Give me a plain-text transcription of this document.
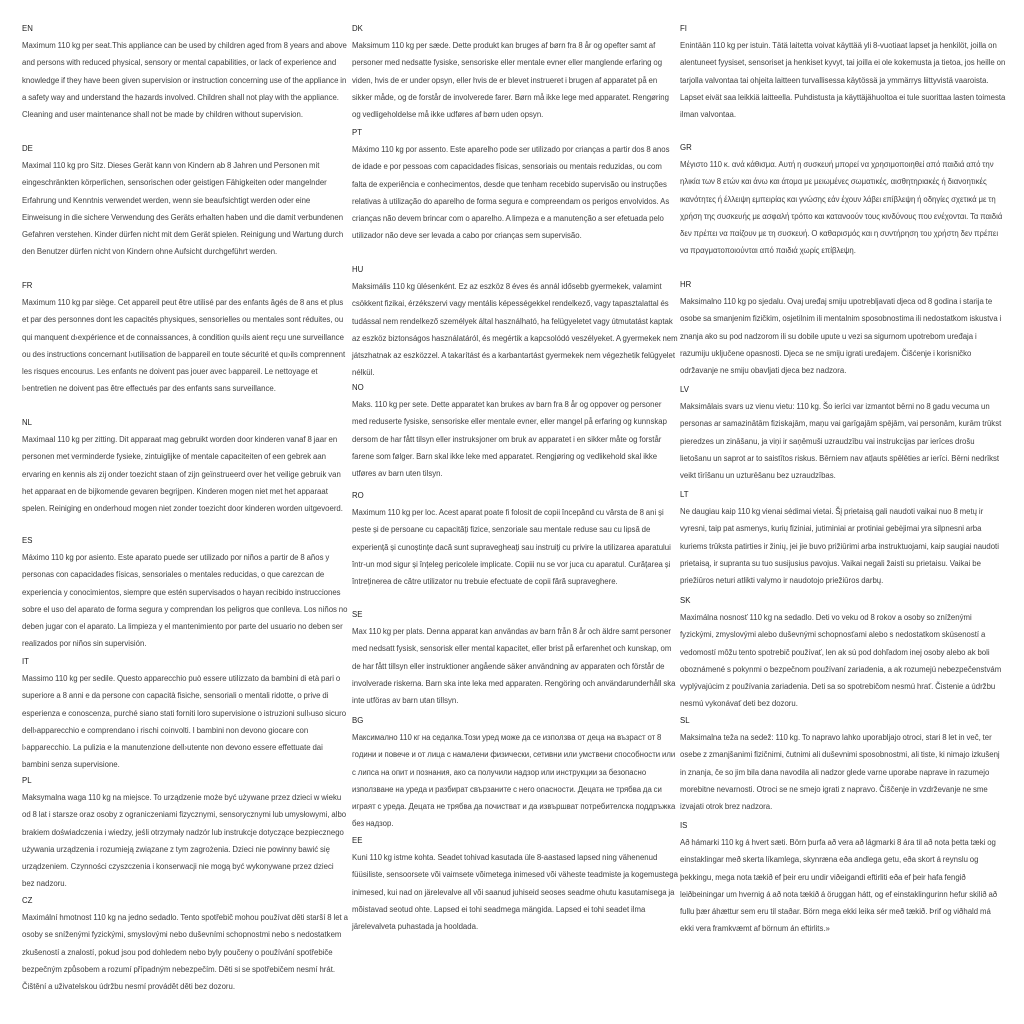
EN
Maximum 110 kg per seat.This appliance can be used by children aged from 8 years and above and persons with reduced physical, sensory or mental capabilities, or lack of experience and knowledge if they have been given supervision or instruction concerning use of the appliance in a safety way and understand the hazards involved. Children shall not play with the appliance. Cleaning and user maintenance shall not be made by children without supervision.
DE
Maximal 110 kg pro Sitz. Dieses Gerät kann von Kindern ab 8 Jahren und Personen mit eingeschränkten körperlichen, sensorischen oder geistigen Fähigkeiten oder mangelnder Erfahrung und Kenntnis verwendet werden, wenn sie beaufsichtigt werden oder eine Einweisung in die sichere Verwendung des Geräts erhalten haben und die damit verbundenen Gefahren verstehen. Kinder dürfen nicht mit dem Gerät spielen. Reinigung und Wartung durch den Benutzer dürfen nicht von Kindern ohne Aufsicht durchgeführt werden.
FR
Maximum 110 kg par siège. Cet appareil peut être utilisé par des enfants âgés de 8 ans et plus et par des personnes dont les capacités physiques, sensorielles ou mentales sont réduites, ou qui manquent d›expérience et de connaissances, à condition qu›ils aient reçu une surveillance ou des instructions concernant l›utilisation de l›appareil en toute sécurité et qu›ils comprennent les risques encourus. Les enfants ne doivent pas jouer avec l›appareil. Le nettoyage et l›entretien ne doivent pas être effectués par des enfants sans surveillance.
NL
Maximaal 110 kg per zitting. Dit apparaat mag gebruikt worden door kinderen vanaf 8 jaar en personen met verminderde fysieke, zintuiglijke of mentale capaciteiten of een gebrek aan ervaring en kennis als zij onder toezicht staan of zijn geïnstrueerd over het veilige gebruik van het apparaat en de bijkomende gevaren begrijpen. Kinderen mogen niet met het apparaat spelen. Reiniging en onderhoud mogen niet zonder toezicht door kinderen worden uitgevoerd.
ES
Máximo 110 kg por asiento. Este aparato puede ser utilizado por niños a partir de 8 años y personas con capacidades físicas, sensoriales o mentales reducidas, o que carezcan de experiencia y conocimientos, siempre que estén supervisados o hayan recibido instrucciones sobre el uso del aparato de forma segura y comprendan los peligros que conlleva. Los niños no deben jugar con el aparato. La limpieza y el mantenimiento por parte del usuario no deben ser realizados por niños sin supervisión.
IT
Massimo 110 kg per sedile. Questo apparecchio può essere utilizzato da bambini di età pari o superiore a 8 anni e da persone con capacità fisiche, sensoriali o mentali ridotte, o prive di esperienza e conoscenza, purché siano stati forniti loro supervisione o istruzioni sull›uso sicuro dell›apparecchio e comprendano i rischi coinvolti. I bambini non devono giocare con l›apparecchio. La pulizia e la manutenzione dell›utente non devono essere effettuate dai bambini senza supervisione.
PL
Maksymalna waga 110 kg na miejsce. To urządzenie może być używane przez dzieci w wieku od 8 lat i starsze oraz osoby z ograniczeniami fizycznymi, sensorycznymi lub umysłowymi, albo brakiem doświadczenia i wiedzy, jeśli otrzymały nadzór lub instrukcje dotyczące bezpiecznego używania urządzenia i rozumieją związane z tym zagrożenia. Dzieci nie powinny bawić się urządzeniem. Czynności czyszczenia i konserwacji nie mogą być wykonywane przez dzieci bez nadzoru.
CZ
Maximální hmotnost 110 kg na jedno sedadlo. Tento spotřebič mohou používat děti starší 8 let a osoby se sníženými fyzickými, smyslovými nebo duševními schopnostmi nebo s nedostatkem zkušeností a znalostí, pokud jsou pod dohledem nebo byly poučeny o používání spotřebiče bezpečným způsobem a rozumí případným nebezpečím. Děti si se spotřebičem nesmí hrát. Čištění a uživatelskou údržbu nesmí provádět děti bez dozoru.
DK
Maksimum 110 kg per sæde. Dette produkt kan bruges af børn fra 8 år og opefter samt af personer med nedsatte fysiske, sensoriske eller mentale evner eller manglende erfaring og viden, hvis de er under opsyn, eller hvis de er blevet instrueret i brugen af apparatet på en sikker måde, og de forstår de involverede farer. Børn må ikke lege med apparatet. Rengøring og vedligeholdelse må ikke udføres af børn uden opsyn.
PT
Máximo 110 kg por assento. Este aparelho pode ser utilizado por crianças a partir dos 8 anos de idade e por pessoas com capacidades físicas, sensoriais ou mentais reduzidas, ou com falta de experiência e conhecimentos, desde que tenham recebido supervisão ou instruções relativas à utilização do aparelho de forma segura e compreendam os perigos envolvidos. As crianças não devem brincar com o aparelho. A limpeza e a manutenção a ser efetuada pelo utilizador não deve ser levada a cabo por crianças sem supervisão.
HU
Maksimális 110 kg ülésenként. Ez az eszköz 8 éves és annál idősebb gyermekek, valamint csökkent fizikai, érzékszervi vagy mentális képességekkel rendelkező, vagy tapasztalattal és tudással nem rendelkező személyek által használható, ha felügyeletet vagy útmutatást kaptak az eszköz biztonságos használatáról, és megértik a kapcsolódó veszélyeket. A gyermekek nem játszhatnak az eszközzel. A takarítást és a karbantartást gyermekek nem végezhetik felügyelet nélkül.
NO
Maks. 110 kg per sete. Dette apparatet kan brukes av barn fra 8 år og oppover og personer med reduserte fysiske, sensoriske eller mentale evner, eller mangel på erfaring og kunnskap dersom de har fått tilsyn eller instruksjoner om bruk av apparatet i en sikker måte og forstår farene som følger. Barn skal ikke leke med apparatet. Rengjøring og vedlikehold skal ikke utføres av barn uten tilsyn.
RO
Maximum 110 kg per loc. Acest aparat poate fi folosit de copii începând cu vârsta de 8 ani și peste și de persoane cu capacități fizice, senzoriale sau mentale reduse sau cu lipsă de experiență și cunoștințe dacă sunt supravegheați sau instruiți cu privire la utilizarea aparatului într-un mod sigur și înțeleg pericolele implicate. Copiii nu se vor juca cu aparatul. Curățarea și întreținerea de către utilizator nu trebuie efectuate de copii fără supraveghere.
SE
Max 110 kg per plats. Denna apparat kan användas av barn från 8 år och äldre samt personer med nedsatt fysisk, sensorisk eller mental kapacitet, eller brist på erfarenhet och kunskap, om de har fått tillsyn eller instruktioner angående säker användning av apparaten och förstår de involverade riskerna. Barn ska inte leka med apparaten. Rengöring och användarunderhåll ska inte utföras av barn utan tillsyn.
BG
Максимално 110 кг на седалка.Този уред може да се използва от деца на възраст от 8 години и повече и от лица с намалени физически, сетивни или умствени способности или с липса на опит и познания, ако са получили надзор или инструкции за безопасно използване на уреда и разбират свързаните с него опасности. Децата не трябва да си играят с уреда. Децата не трябва да почистват и да извършват потребителска поддръжка без надзор.
EE
Kuni 110 kg istme kohta. Seadet tohivad kasutada üle 8-aastased lapsed ning vähenenud füüsiliste, sensoorsete või vaimsete võimetega inimesed või väheste teadmiste ja kogemustega inimesed, kui nad on järelevalve all või saanud juhiseid seoses seadme ohutu kasutamisega ja mõistavad seotud ohte. Lapsed ei tohi seadmega mängida. Lapsed ei tohi seadet ilma järelevalveta puhastada ja hooldada.
FI
Enintään 110 kg per istuin. Tätä laitetta voivat käyttää yli 8-vuotiaat lapset ja henkilöt, joilla on alentuneet fyysiset, sensoriset ja henkiset kyvyt, tai joilla ei ole kokemusta ja tietoa, jos heille on tarjolla valvontaa tai ohjeita laitteen turvallisessa käytössä ja ymmärrys liittyvistä vaaroista. Lapset eivät saa leikkiä laitteella. Puhdistusta ja käyttäjähuoltoa ei tule suorittaa lasten toimesta ilman valvontaa.
GR
Μέγιστο 110 κ. ανά κάθισμα. Αυτή η συσκευή μπορεί να χρησιμοποιηθεί από παιδιά από την ηλικία των 8 ετών και άνω και άτομα με μειωμένες σωματικές, αισθητηριακές ή διανοητικές ικανότητες ή έλλειψη εμπειρίας και γνώσης εάν έχουν λάβει επίβλεψη ή οδηγίες σχετικά με τη χρήση της συσκευής με ασφαλή τρόπο και κατανοούν τους κινδύνους που ενέχονται. Τα παιδιά δεν πρέπει να παίζουν με τη συσκευή. Ο καθαρισμός και η συντήρηση του χρήστη δεν πρέπει να πραγματοποιούνται από παιδιά χωρίς επίβλεψη.
HR
Maksimalno 110 kg po sjedalu. Ovaj uređaj smiju upotrebljavati djeca od 8 godina i starija te osobe sa smanjenim fizičkim, osjetilnim ili mentalnim sposobnostima ili nedostatkom iskustva i znanja ako su pod nadzorom ili su dobile upute u vezi sa sigurnom upotrebom uređaja i razumiju uključene opasnosti. Djeca se ne smiju igrati uređajem. Čišćenje i korisničko održavanje ne smiju obavljati djeca bez nadzora.
LV
Maksimālais svars uz vienu vietu: 110 kg. Šo ierīci var izmantot bērni no 8 gadu vecuma un personas ar samazinātām fiziskajām, maņu vai garīgajām spējām, vai personām, kurām trūkst pieredzes un zināšanu, ja viņi ir saņēmuši uzraudzību vai instrukcijas par ierīces drošu lietošanu un saprot ar to saistītos riskus. Bērniem nav atļauts spēlēties ar ierīci. Bērni nedrīkst veikt tīrīšanu un uzturēšanu bez uzraudzības.
LT
Ne daugiau kaip 110 kg vienai sėdimai vietai. Šį prietaisą gali naudoti vaikai nuo 8 metų ir vyresni, taip pat asmenys, kurių fiziniai, jutiminiai ar protiniai gebėjimai yra silpnesni arba kuriems trūksta patirties ir žinių, jei jie buvo prižiūrimi arba instruktuojami, kaip saugiai naudoti prietaisą, ir supranta su tuo susijusius pavojus. Vaikai negali žaisti su prietaisu. Vaikai be priežiūros neturi atlikti valymo ir naudotojo priežiūros darbų.
SK
Maximálna nosnosť 110 kg na sedadlo. Deti vo veku od 8 rokov a osoby so zníženými fyzickými, zmyslovými alebo duševnými schopnosťami alebo s nedostatkom skúseností a vedomostí môžu tento spotrebič používať, len ak sú pod dohľadom inej osoby alebo ak boli oboznámené s pokynmi o bezpečnom používaní zariadenia, a ak rozumejú nebezpečenstvám vyplývajúcim z používania zariadenia. Deti sa so spotrebičom nesmú hrať. Čistenie a údržbu nesmú vykonávať deti bez dozoru.
SL
Maksimalna teža na sedež: 110 kg. To napravo lahko uporabljajo otroci, stari 8 let in več, ter osebe z zmanjšanimi fizičnimi, čutnimi ali duševnimi sposobnostmi, ali tiste, ki nimajo izkušenj in znanja, če so jim bila dana navodila ali nadzor glede varne uporabe naprave in razumejo morebitne nevarnosti. Otroci se ne smejo igrati z napravo. Čiščenje in vzdrževanje ne sme izvajati otrok brez nadzora.
IS
Að hámarki 110 kg á hvert sæti. Börn þurfa að vera að lágmarki 8 ára til að nota þetta tæki og einstaklingar með skerta líkamlega, skynræna eða andlega getu, eða skort á reynslu og þekkingu, mega nota tækið ef þeir eru undir viðeigandi eftirliti eða ef þeir hafa fengið leiðbeiningar um hvernig á að nota tækið á öruggan hátt, og ef einstaklingurinn hefur skilið að fullu þær áhættur sem eru til staðar. Börn mega ekki leika sér með tækið. Þrif og viðhald má ekki vera framkvæmt af börnum án eftirlits.»
